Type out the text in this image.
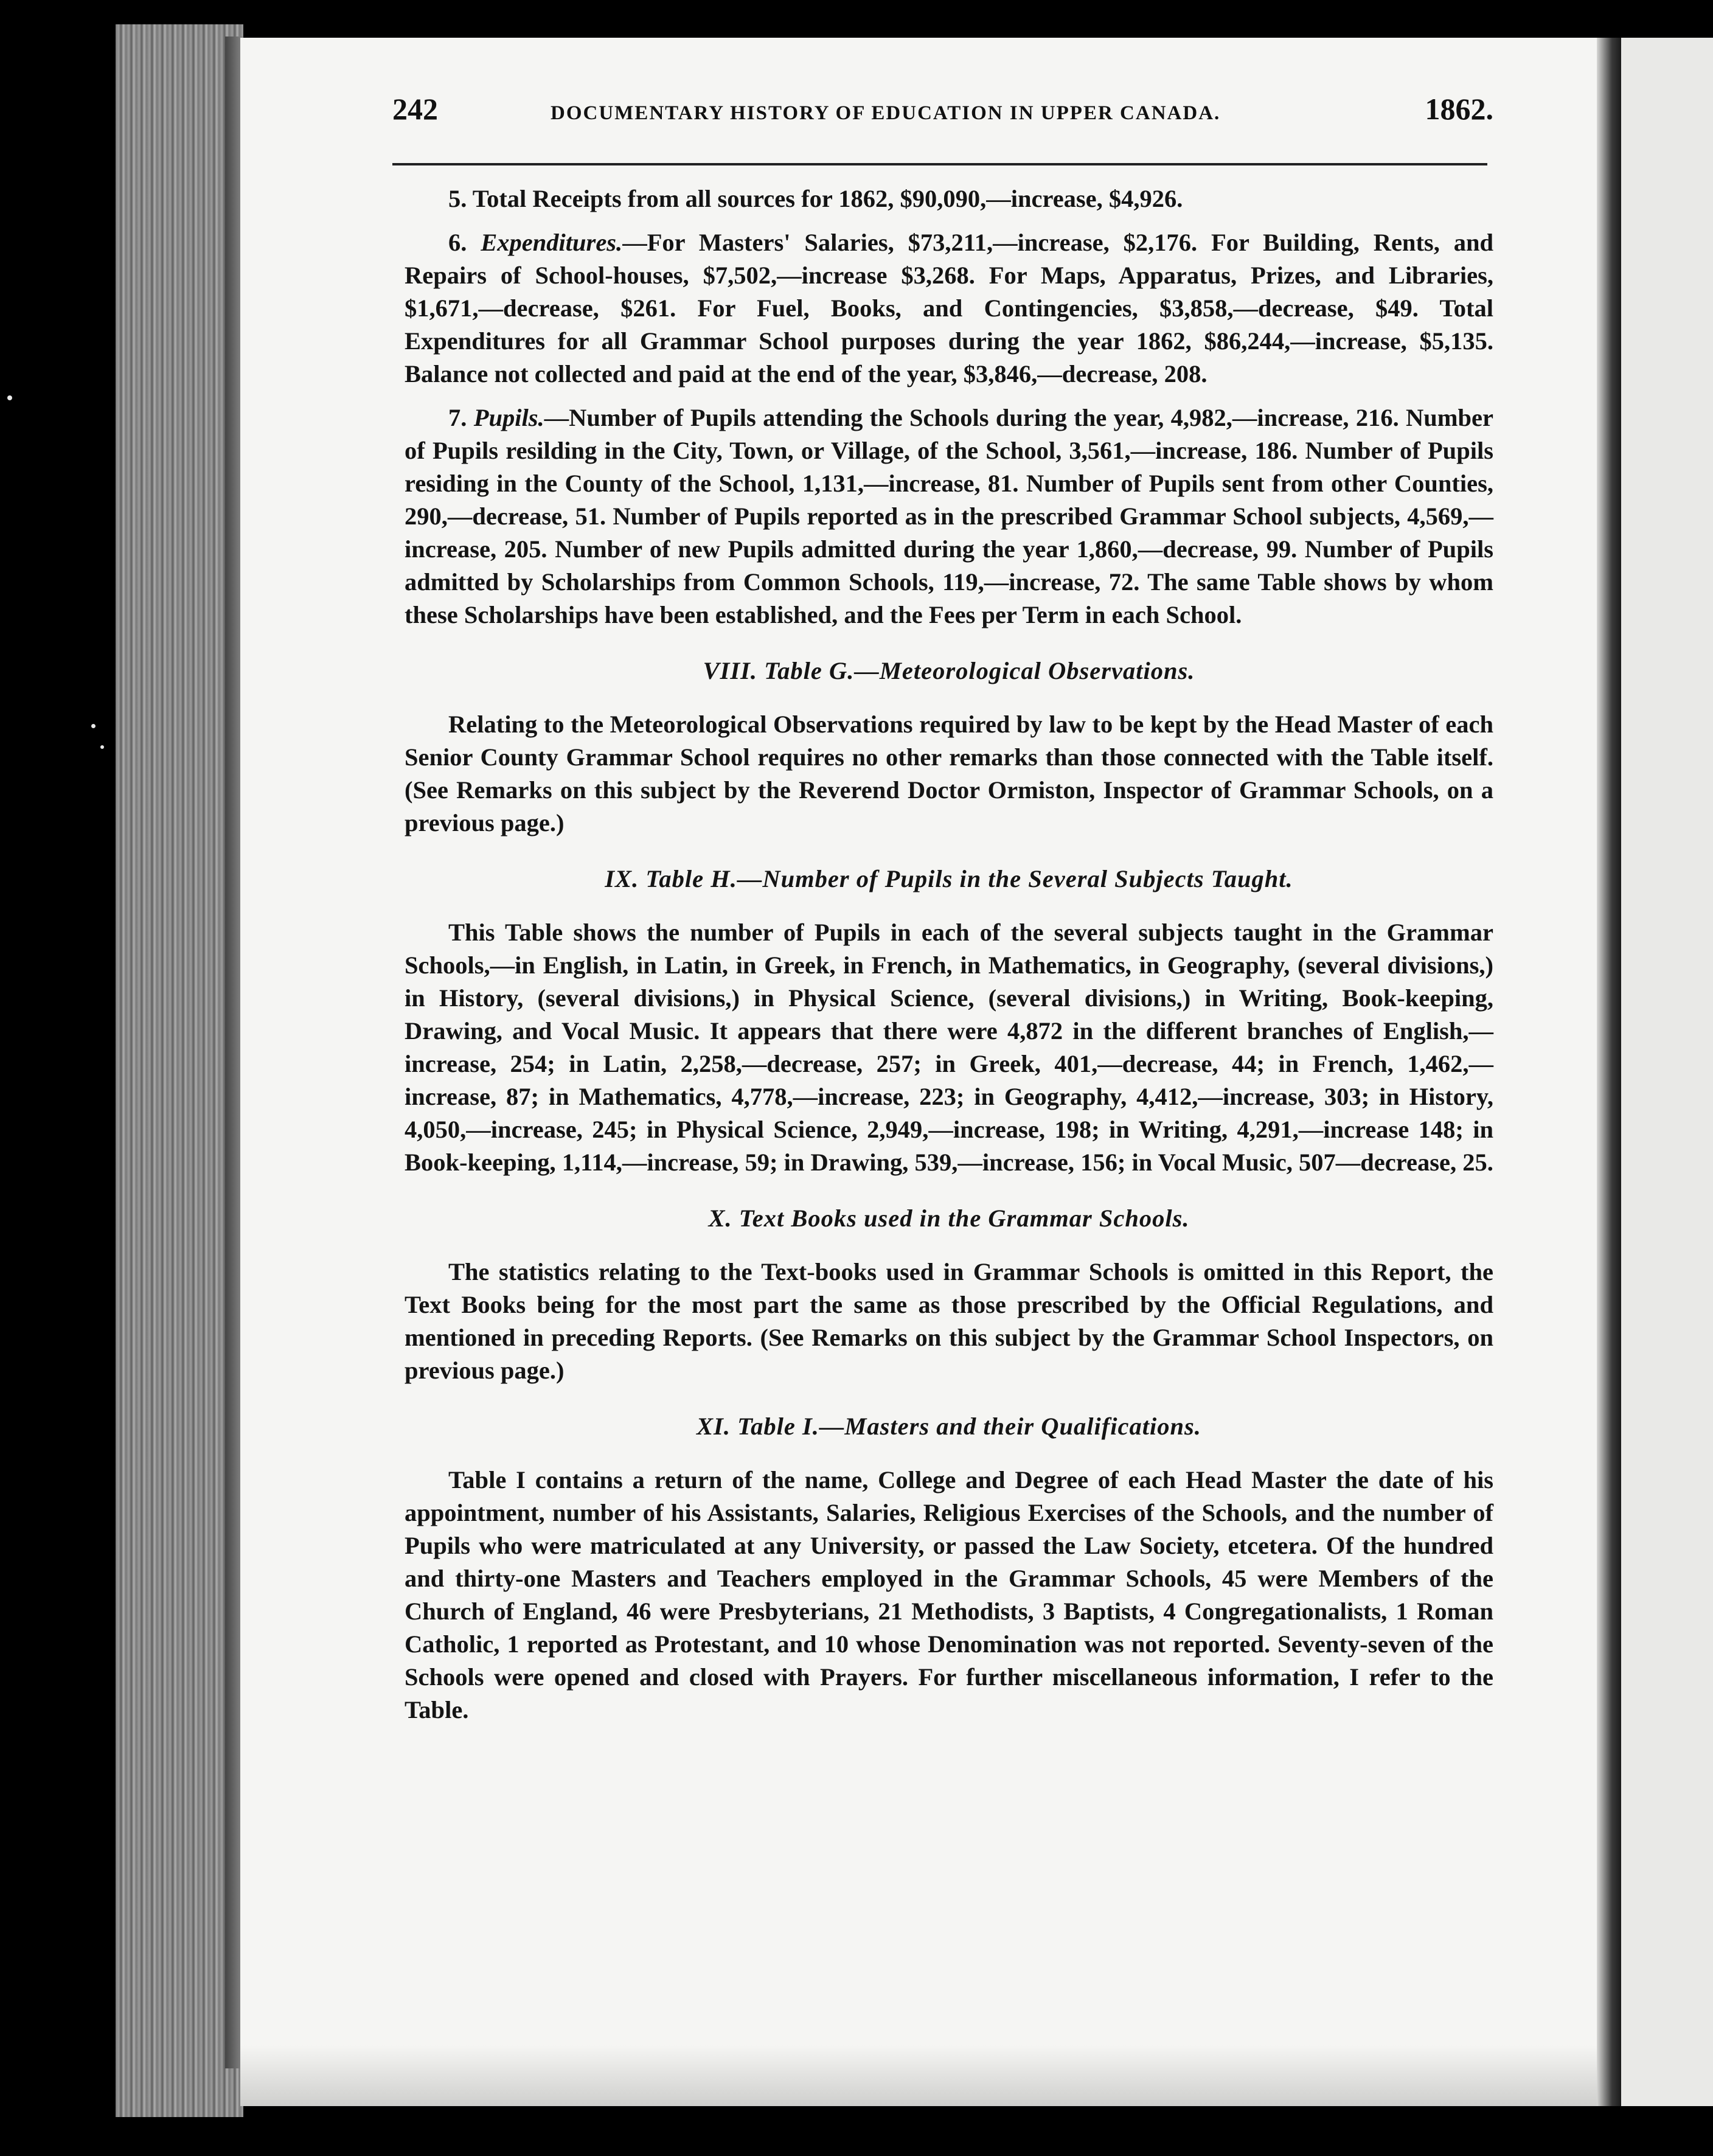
242	DOCUMENTARY HISTORY OF EDUCATION IN UPPER CANADA.	1862.

5. Total Receipts from all sources for 1862, $90,090,—increase, $4,926.

6. Expenditures.—For Masters' Salaries, $73,211,—increase, $2,176. For Building, Rents, and Repairs of School-houses, $7,502,—increase $3,268. For Maps, Apparatus, Prizes, and Libraries, $1,671,—decrease, $261. For Fuel, Books, and Contingencies, $3,858,—decrease, $49. Total Expenditures for all Grammar School purposes during the year 1862, $86,244,—increase, $5,135. Balance not collected and paid at the end of the year, $3,846,—decrease, 208.

7. Pupils.—Number of Pupils attending the Schools during the year, 4,982,—increase, 216. Number of Pupils resilding in the City, Town, or Village, of the School, 3,561,—increase, 186. Number of Pupils residing in the County of the School, 1,131,—increase, 81. Number of Pupils sent from other Counties, 290,—decrease, 51. Number of Pupils reported as in the prescribed Grammar School subjects, 4,569,—increase, 205. Number of new Pupils admitted during the year 1,860,—decrease, 99. Number of Pupils admitted by Scholarships from Common Schools, 119,—increase, 72. The same Table shows by whom these Scholarships have been established, and the Fees per Term in each School.

VIII. Table G.—Meteorological Observations.

Relating to the Meteorological Observations required by law to be kept by the Head Master of each Senior County Grammar School requires no other remarks than those connected with the Table itself. (See Remarks on this subject by the Reverend Doctor Ormiston, Inspector of Grammar Schools, on a previous page.)

IX. Table H.—Number of Pupils in the Several Subjects Taught.

This Table shows the number of Pupils in each of the several subjects taught in the Grammar Schools,—in English, in Latin, in Greek, in French, in Mathematics, in Geography, (several divisions,) in History, (several divisions,) in Physical Science, (several divisions,) in Writing, Book-keeping, Drawing, and Vocal Music. It appears that there were 4,872 in the different branches of English,—increase, 254; in Latin, 2,258,—decrease, 257; in Greek, 401,—decrease, 44; in French, 1,462,—increase, 87; in Mathematics, 4,778,—increase, 223; in Geography, 4,412,—increase, 303; in History, 4,050,—increase, 245; in Physical Science, 2,949,—increase, 198; in Writing, 4,291,—increase 148; in Book-keeping, 1,114,—increase, 59; in Drawing, 539,—increase, 156; in Vocal Music, 507—decrease, 25.

X. Text Books used in the Grammar Schools.

The statistics relating to the Text-books used in Grammar Schools is omitted in this Report, the Text Books being for the most part the same as those prescribed by the Official Regulations, and mentioned in preceding Reports. (See Remarks on this subject by the Grammar School Inspectors, on previous page.)

XI. Table I.—Masters and their Qualifications.

Table I contains a return of the name, College and Degree of each Head Master the date of his appointment, number of his Assistants, Salaries, Religious Exercises of the Schools, and the number of Pupils who were matriculated at any University, or passed the Law Society, etcetera. Of the hundred and thirty-one Masters and Teachers employed in the Grammar Schools, 45 were Members of the Church of England, 46 were Presbyterians, 21 Methodists, 3 Baptists, 4 Congregationalists, 1 Roman Catholic, 1 reported as Protestant, and 10 whose Denomination was not reported. Seventy-seven of the Schools were opened and closed with Prayers. For further miscellaneous information, I refer to the Table.
